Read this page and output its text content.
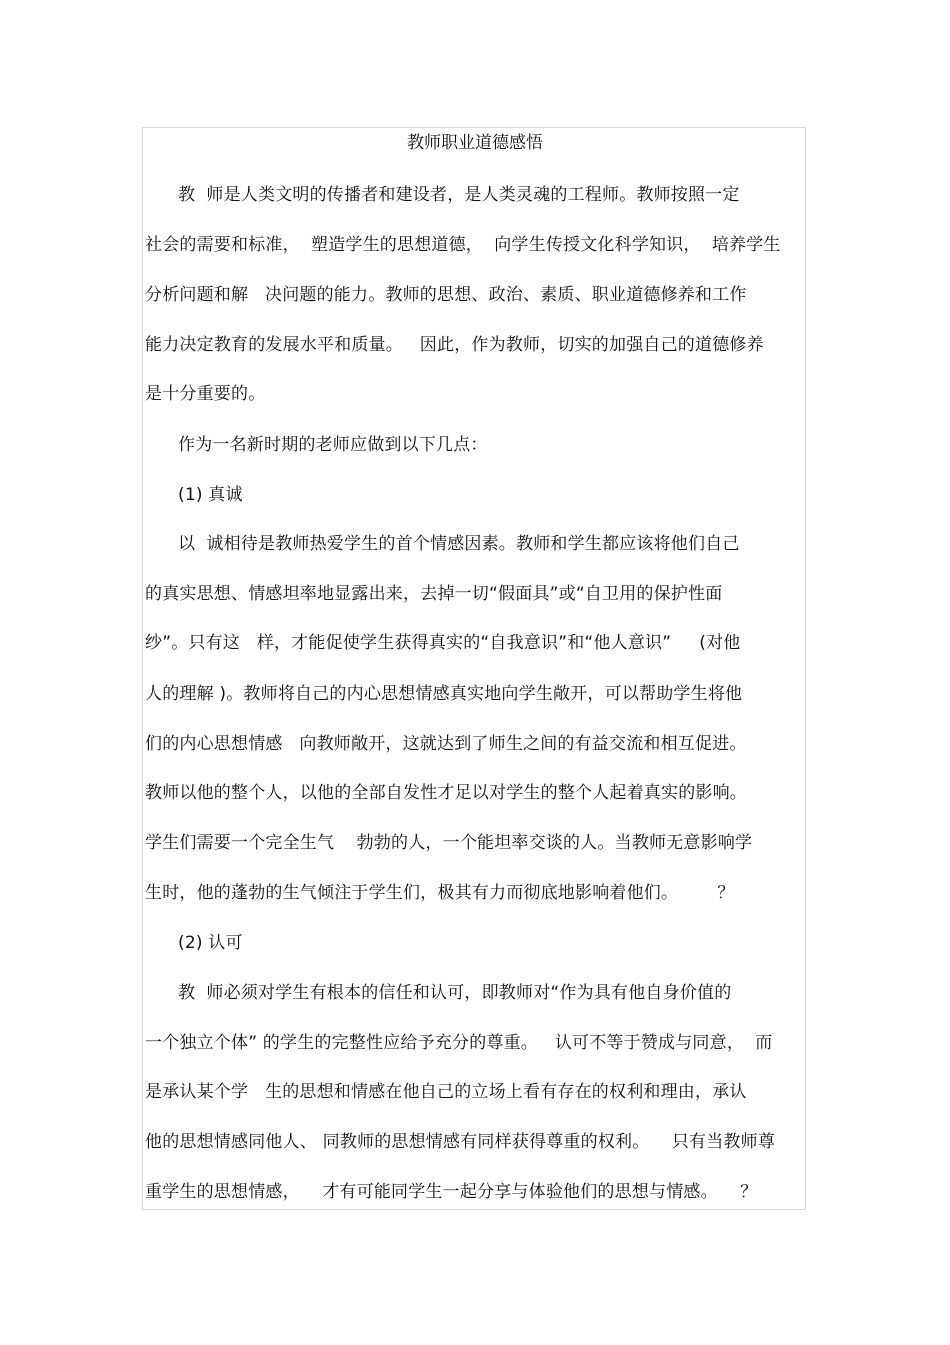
教师职业道德感悟
教  师是人类文明的传播者和建设者，是人类灵魂的工程师。教师按照一定
社会的需要和标准，  塑造学生的思想道德，  向学生传授文化科学知识，  培养学生
分析问题和解   决问题的能力。教师的思想、政治、素质、职业道德修养和工作
能力决定教育的发展水平和质量。   因此，作为教师，切实的加强自己的道德修养
是十分重要的。
作为一名新时期的老师应做到以下几点：
(1) 真诚
以  诚相待是教师热爱学生的首个情感因素。教师和学生都应该将他们自己
的真实思想、情感坦率地显露出来，去掉一切“假面具”或“自卫用的保护性面
纱”。只有这   样，才能促使学生获得真实的“自我意识”和“他人意识”     (对他
人的理解 )。教师将自己的内心思想情感真实地向学生敞开，可以帮助学生将他
们的内心思想情感   向教师敞开，这就达到了师生之间的有益交流和相互促进。
教师以他的整个人，以他的全部自发性才足以对学生的整个人起着真实的影响。
学生们需要一个完全生气    勃勃的人，一个能坦率交谈的人。当教师无意影响学
生时，他的蓬勃的生气倾注于学生们，极其有力而彻底地影响着他们。       ？
(2) 认可
教  师必须对学生有根本的信任和认可，即教师对“作为具有他自身价值的
一个独立个体” 的学生的完整性应给予充分的尊重。   认可不等于赞成与同意，  而
是承认某个学   生的思想和情感在他自己的立场上看有存在的权利和理由，承认
他的思想情感同他人、 同教师的思想情感有同样获得尊重的权利。    只有当教师尊
重学生的思想情感，    才有可能同学生一起分享与体验他们的思想与情感。    ？
